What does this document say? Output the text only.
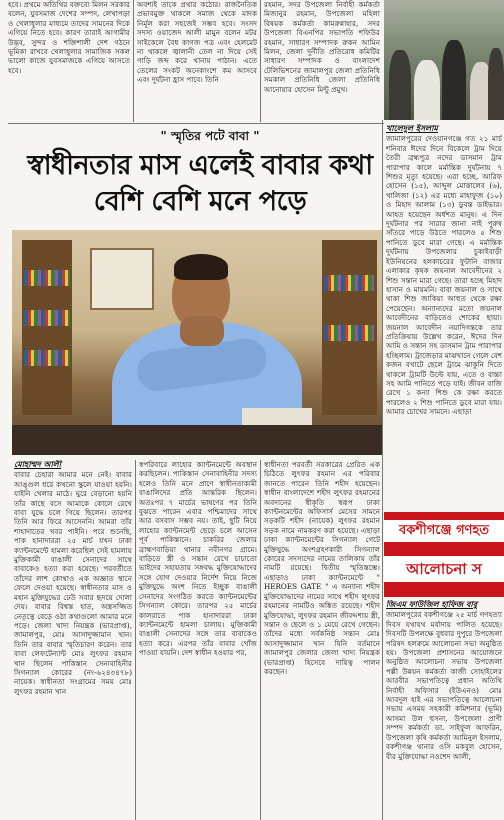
হবে। প্রথমে অতিথির বক্তব্যে মিলন সরকার বলেন, যুবসমাজ দেশের সম্পদ, লেখাপড়া ও খেলাধুলার মাধ্যমে তাদের সামনের দিকে এগিয়ে নিতে হবে। কারণ তারাই আগামীর উদ্ভব, সুন্দর ও শক্তিশালী দেশ গঠনে ভূমিকা রাখবে খেলাধুলার সামাজিক সকল ভালো কাজে যুবসমাজকে এগিয়ে আসতে হবে।
অবশ্যই তাকে প্রথার কঠোর। রাজনৈতিক প্রভাবমুক্ত থাকলে সমাজ থেকে মাদক নির্মূল করা সহজেই সম্ভব হবে। সংসদ সদস্য ওয়াজেদ আলী মামুন বলেন মটর সাইকেলে বৈধ কাগজ পত্র এবং হেলমেট না থাকলে জ্বালানী তেল না দিয়ে সেই গাড়ি জব্দ করে থানায় পাঠান। এতে তেলের সংকট অনেকাংশে কম আসবে এবং দুর্ঘটনা হ্রাস পাবে। তিনি
রহমান, সদর উপজেলা নির্বাহী কর্মকর্তা মিজানুর রহমান, উপজেলা মহিলা বিষয়ক কর্মকর্তা কামরুন্নাহার, সদর উপজেলা বিএনপির সভাপতি শফিউর রহমান, সাধারণ সম্পাদক রুকন আমিন মিলন, জেলা দুর্নীতি প্রতিরোধ কমিটির সাধারণ সম্পাদক ও বাংলাদেশ টেলিভিশনের জামালপুর জেলা প্রতিনিধি সমকাল প্রতিনিধি জেলা প্রতিনিধি আনোয়ার হোসেন মিন্টু প্রমুখ।
" স্মৃতির পটে বাবা "
স্বাধীনতার মাস এলেই বাবার কথা
বেশি বেশি মনে পড়ে
মোহাম্মদ আলী
বাবার চেহারা আমার মনে নেই। বাবার আঙ্গুল ধরে কখনো স্কুলে যাওয়া হয়নি। যাইনি খেলার মাঠে। ঘুরে বেড়ানো হয়নি তাঁর কাছে বসে আমাকে কোলে রেখে বাবা যুদ্ধে চলে গিয়ে ছিলেন। তারপর তিনি আর ফিরে আসেননি। আমরা তাঁর শাহাদাতের খবর পাইনি। পরে শুনেছি, পাক হানাদাররা ২৫ মার্চ যখন ঢাকা ক্যান্টনমেন্টে হামলা করেছিল সেই হামলায় মুক্তিকামী বাঙালী সেনাদের সাথে বাবাকেও হত্যা করা হয়েছে। পরবর্তীতে তাঁদের লাশ কোথাও এক অজ্ঞাত স্থানে ফেলে দেওয়া হয়েছে। স্বাধীনতার মাস ও মহান মুক্তিযুদ্ধের ঢেউ সবার হৃদয়ে দোলা দেয়। বাবার বিশ্বস্ত হাত, অস্ত্রসজ্জিত নেতৃত্বে বেড়ে ওঠা কথাগুলো আমার মনে পড়ে। জেলা খাদ্য নিয়ন্ত্রক (ভারপ্রাপ্ত), জামালপুর, মোঃ আসাদুজ্জামান খান। তিনি তার বাবার স্মৃতিচারণ করেন। তার বাবা লেফটেন্যান্ট মোঃ লুৎফর রহমান খান ছিলেন পাকিস্তান সেনাবাহিনীর সিগন্যাল কোরের (নং-৬২৪৩৪৭৮) নায়েক। স্বাধীনতা সংগ্রামের সময় মোঃ লুৎফর রহমান খান
স্বপরিবারে লাহোর ক্যান্টনমেন্টে অবস্থান করছিলেন। পাকিস্তান সেনাবাহিনীর সদস্য হলেও তিনি মনে প্রাণে স্বাধীনতাকামী বাঙালিদের প্রতি আন্তরিক ছিলেন। অতঃপর ৭ মার্চের ভাষণের পর তিনি বুঝতে পারেন এবার পশ্চিমাদের সাথে আর বসবাস সম্ভব নয়। তাই, ছুটি নিয়ে লাহোর ক্যান্টনমেন্ট ছেড়ে চলে আসেন পূর্ব পাকিস্তানে। চাকরির জেলার ব্রাহ্মণবাড়িয়া থানার নবীনগর গ্রামে। বাড়িতে স্ত্রী ও সন্তান রেখে চাচাতো ভাইদের সহায়তায় সঙ্গবদ্ধ মুক্তিযোদ্ধাদের সঙ্গে যোগ দেওয়ার নির্দেশ নিয়ে নিজে মুক্তিযুদ্ধে অংশ নিতে ইচ্ছুক বাঙালী সেনাদের সংগঠিত করতে ক্যান্টনমেন্টের সিগন্যাল কোরে। তারপর ২৫ মার্চের কালরাতে পাক হানাদাররা ঢাকা ক্যান্টনমেন্টে হামলা চালায়। মুক্তিকামী বাঙালী সেনাদের সঙ্গে তার বাবাকেও হত্যা করে। এরপর তাঁর বাবার খোঁজ পাওয়া যায়নি। দেশ স্বাধীন হওয়ার পর,
স্বাধীনতা পরবর্তী সরকারের প্রেরিত এক চিঠিতে লুৎফর রহমান এর পরিবার জানতে পারেন তিনি শহীদ হয়েছেন। স্বাধীন বাংলাদেশে শহীদ লুৎফর রহমানের অবদানের স্বীকৃতি স্বরূপ ঢাকা ক্যান্টনমেন্টের অফিসার্স মেসের সামনে সড়কটি শহীদ (নায়েক) লুৎফর রহমান সড়ক নামে নামকরণ করা হয়েছে। এছাড়া ঢাকা ক্যান্টনমেন্টের সিগন্যাল গেটে মুক্তিযুদ্ধে অংশগ্রহণকারী সিগন্যাল কোরের সদস্যদের নামের তালিকায় তাঁর নামটি রয়েছে। দ্বিতীয় স্মৃতিস্তম্ভে। এছাড়াও ঢাকা ক্যান্টনমেন্টে " HEROES GATE " এ অন্যান্য শহীদ মুক্তিযোদ্ধাদের নামের সাথে শহীদ লুৎফর রহমানের নামটিও অঙ্কিত রয়েছে। শহীদ মুক্তিযোদ্ধা, লুৎফর রহমান জীবদ্দশায় স্ত্রী, সন্তান ও ছেলে ও ১ মেয়ে রেখে গেছেন। তাঁদের মধ্যে সর্বকনিষ্ঠ সন্তান মোঃ আসাদুজ্জামান খান যিনি বর্তমানে জামালপুর জেলার জেলা খাদ্য নিয়ন্ত্রক (ভারপ্রাপ্ত) হিসেবে দায়িত্ব পালন করছেন।
খালেদুল ইসলাম
জামালপুরের দেওয়ানগঞ্জে গত ২১ মার্চ শনিবার ঈদের দিনে বিকেলে ট্রাম দিয়ে তৈরী ব্রহ্মপুত্র নদের ডাসমান ট্রাম পারাপার কালে মর্মান্তিক দুর্ঘটনায় ৭ শিশুর মৃত্যু হয়েছে। এরা হচ্ছে, আরিফ হোসেন (১৫), আব্দুল মোত্তালেব (৬), খালিজা (১২) এর মধ্যে মাহাফুজ (১০) ও মিহাদ আলাম (১৩) ডুবন্ত ডাইভার। আহত হয়েছেন অর্ধশত মানুষ। এ দিন দুর্ঘটনার পর সারার জানা নাই পুরুষ সাঁতরে পাড়ে উঠতে পারলেও ৫ শিশু পানিতে ডুবে মারা গেছে। এ মর্মান্তিক দুর্ঘটনায় উপজেলার চুকাইবাড়ী ইউনিয়নের হলকাচরের ফুটানি বাজার এলাকার কৃষক জয়নাল আবেদীনের ২ শিশু সন্তান মারা গেছে। তারা হচ্ছে মিহাদ হাসান ও মায়মনি। বাবা জয়নাল ও সাথে থাকা শিশু জাকিয়া আহুত থেকে রক্ষা পেয়েছেন। অন্যান্যদের মতো জয়নাল আবেদীনের বাড়িতেও শোকের ছায়া। জয়নাল আবেদীন নয়াদিগন্তকে তার প্রতিক্রিয়ায় উল্লেখ করেন, ঈদের দিন আমি ও সন্তান সহ ডাসমান ট্রাম পারাপার হচ্ছিলাম। ট্রাজেড়ার মাঝখানে গেলে বেশ কজন বখাটে ছেলে ট্রামে ঝাকুনি দিতে থাকলে ট্রামটি উল্টে যায়, এতে ও বাচ্চা সহ আমি পানিতে পড়ে যাই। জীবন বাজি রেখে ১ কন্যা শিশু কে রক্ষা করতে পারলেও ২ শিশু পানিতে ডুবে মারা যায়। আমার চোখের সামনে। এছাড়া
বকশীগঞ্জে গণহত
আলোচনা স
জিএম ফাউজিল হাফিজ বাবু
জামালপুরের বকশীগঞ্জে ২৫ মার্চ গণহত্যা দিবস যথাযথ মর্যাদায় পালিত হয়েছে। দিবসটি উপলক্ষে বুধবার দুপুরে উপজেলা পরিষদ হলরুমে আলোচনা সভা অনুষ্ঠিত হয়। উপজেলা প্রশাসনের আয়োজনে অনুষ্ঠিত আলোচনা সভায় উপজেলা পল্লী উন্নয়ন কর্মকর্তা কাজী সোহাইলের আরবীর সভাপতিত্বে প্রধান অতিথি নির্বাহী অফিসার (ইউএনও) মোঃ আবদুল হাই এর সভাপতিত্বে আলোচনা সভায় এসময় সহকারী কমিশনার (ভূমি) আসমা উল হুসনা, উপজেলা প্রাণী সম্পদ কর্মকর্তা ডা. সাইফুল আফরিন, উপজেলা কৃষি কর্মকর্তা আমিনুল ইসলাম, বকশীগঞ্জ থানার ওসি মকবুল হোসেন, বীর মুক্তিযোদ্ধা নওশেদ আলী,
